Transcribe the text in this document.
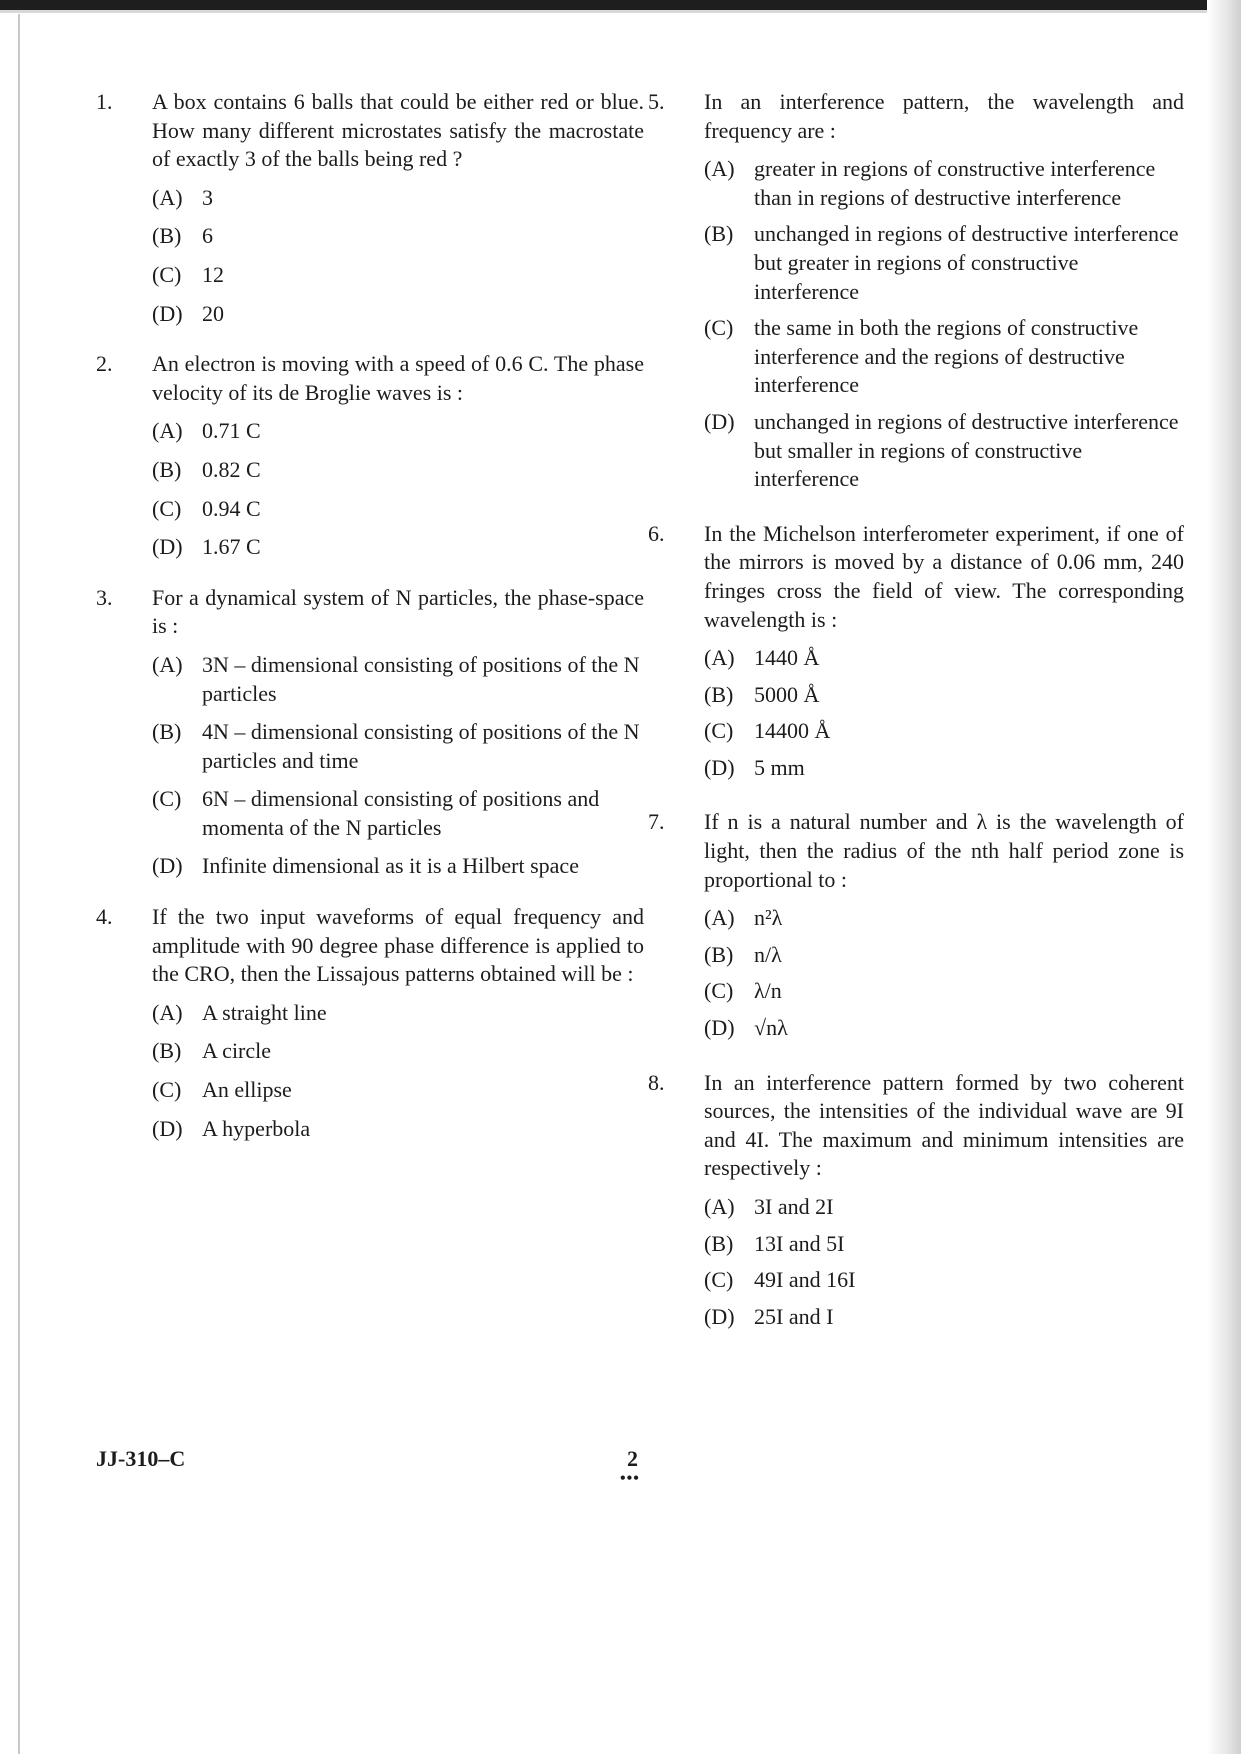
1.	A box contains 6 balls that could be either red or blue. How many different microstates satisfy the macrostate of exactly 3 of the balls being red ?

(A) 3
(B) 6
(C) 12
(D) 20
2.	An electron is moving with a speed of 0.6 C. The phase velocity of its de Broglie waves is :

(A) 0.71 C
(B) 0.82 C
(C) 0.94 C
(D) 1.67 C
3.	For a dynamical system of N particles, the phase-space is :

(A) 3N – dimensional consisting of positions of the N particles
(B) 4N – dimensional consisting of positions of the N particles and time
(C) 6N – dimensional consisting of positions and momenta of the N particles
(D) Infinite dimensional as it is a Hilbert space
4.	If the two input waveforms of equal frequency and amplitude with 90 degree phase difference is applied to the CRO, then the Lissajous patterns obtained will be :

(A) A straight line
(B) A circle
(C) An ellipse
(D) A hyperbola
5.	In an interference pattern, the wavelength and frequency are :

(A) greater in regions of constructive interference than in regions of destructive interference
(B) unchanged in regions of destructive interference but greater in regions of constructive interference
(C) the same in both the regions of constructive interference and the regions of destructive interference
(D) unchanged in regions of destructive interference but smaller in regions of constructive interference
6.	In the Michelson interferometer experiment, if one of the mirrors is moved by a distance of 0.06 mm, 240 fringes cross the field of view. The corresponding wavelength is :

(A) 1440 Å
(B) 5000 Å
(C) 14400 Å
(D) 5 mm
7.	If n is a natural number and λ is the wavelength of light, then the radius of the nth half period zone is proportional to :

(A) n²λ
(B) n/λ
(C) λ/n
(D) √nλ
8.	In an interference pattern formed by two coherent sources, the intensities of the individual wave are 9I and 4I. The maximum and minimum intensities are respectively :

(A) 3I and 2I
(B) 13I and 5I
(C) 49I and 16I
(D) 25I and I
JJ-310–C	2
•••
